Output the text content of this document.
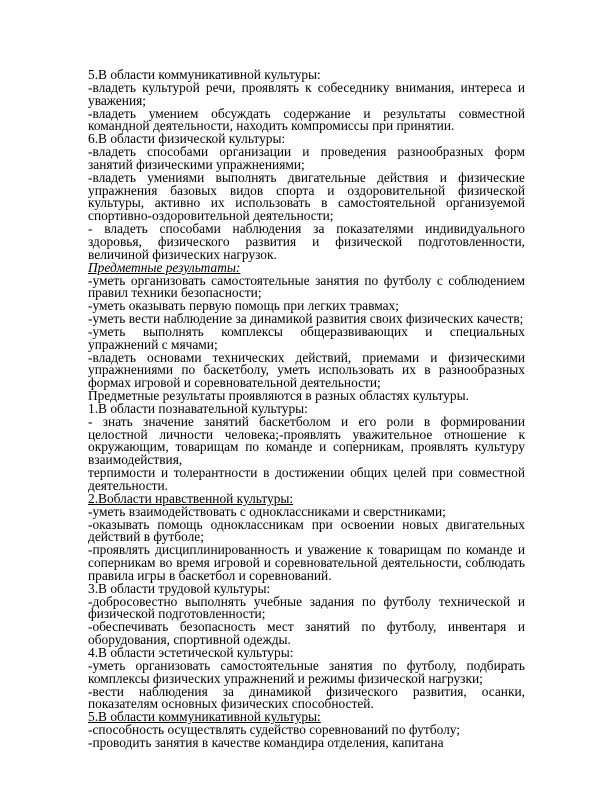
5.В области коммуникативной культуры:

-владеть культурой речи, проявлять к собеседнику внимания, интереса и уважения;

-владеть умением обсуждать содержание и результаты совместной командной деятельности, находить компромиссы при принятии.

6.В области физической культуры:

-владеть способами организации и проведения разнообразных форм занятий физическими упражнениями;

-владеть умениями выполнять двигательные действия и физические упражнения базовых видов спорта и оздоровительной физической культуры, активно их использовать в самостоятельной организуемой спортивно-оздоровительной деятельности;

- владеть способами наблюдения за показателями индивидуального здоровья, физического развития и физической подготовленности, величиной физических нагрузок.

Предметные результаты:

-уметь организовать самостоятельные занятия по футболу с соблюдением правил техники безопасности;

-уметь оказывать первую помощь при легких травмах;

-уметь вести наблюдение за динамикой развития своих физических качеств;

-уметь выполнять комплексы общеразвивающих и специальных упражнений с мячами;

-владеть основами технических действий, приемами и физическими упражнениями по баскетболу, уметь использовать их в разнообразных формах игровой и соревновательной деятельности;

Предметные результаты проявляются в разных областях культуры.

1.В области познавательной культуры:

- знать значение занятий баскетболом и его роли в формировании целостной личности человека;-проявлять уважительное отношение к окружающим, товарищам по команде и соперникам, проявлять культуру взаимодействия,

терпимости и толерантности в достижении общих целей при совместной деятельности.

2.Вобласти нравственной культуры:

-уметь взаимодействовать с одноклассниками и сверстниками;

-оказывать помощь одноклассникам при освоении новых двигательных действий в футболе;

-проявлять дисциплинированность и уважение к товарищам по команде и соперникам во время игровой и соревновательной деятельности, соблюдать правила игры в баскетбол и соревнований.

3.В области трудовой культуры:

-добросовестно выполнять учебные задания по футболу технической и физической подготовленности;

-обеспечивать безопасность мест занятий по футболу, инвентаря и оборудования, спортивной одежды.

4.В области эстетической культуры:

-уметь организовать самостоятельные занятия по футболу, подбирать комплексы физических упражнений и режимы физической нагрузки;

-вести наблюдения за динамикой физического развития, осанки, показателям основных физических способностей.

5.В области коммуникативной культуры:

-способность осуществлять судейство соревнований по футболу;

-проводить занятия в качестве командира отделения, капитана
